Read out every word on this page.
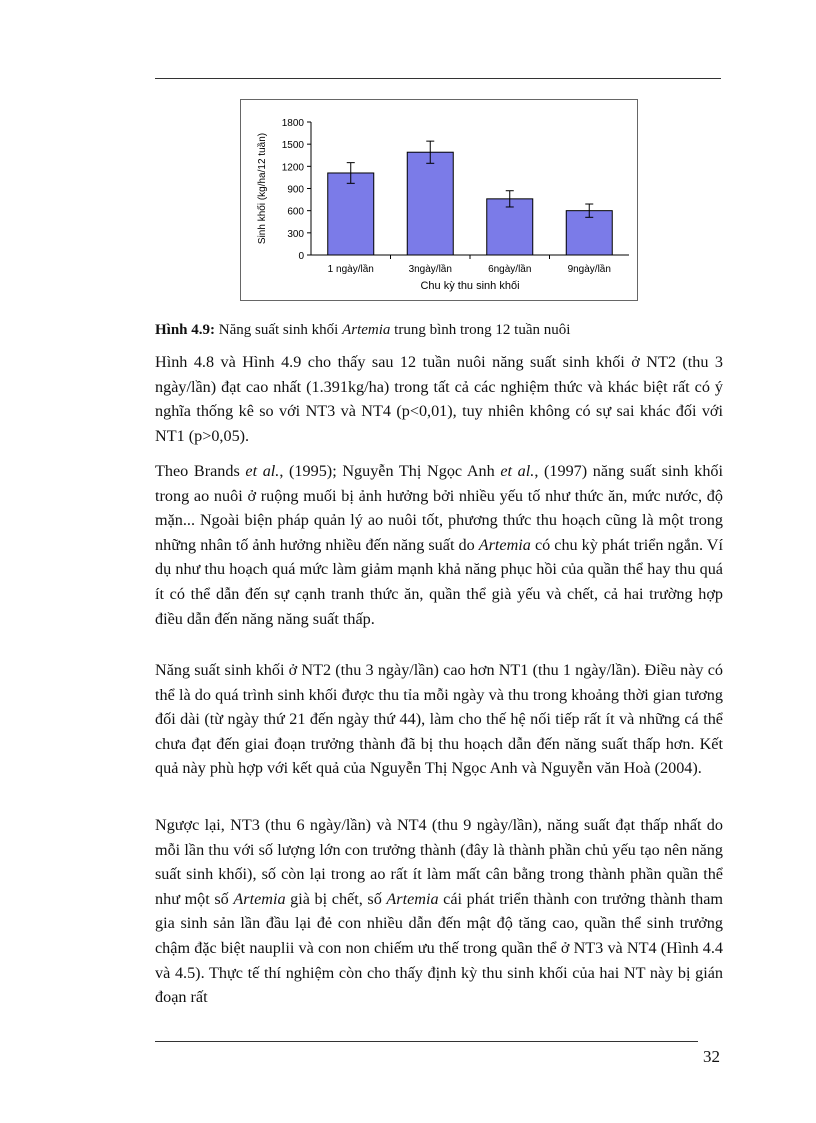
0
300
600
900
1200
1500
1800
1 ngày/lần	3ngày/lần	6ngày/lần	9ngày/lần
Chu kỳ thu sinh khối
Sinh khối (kg/ha/12 tuần)
Hình 4.9: Năng suất sinh khối Artemia trung bình trong 12 tuần nuôi

Hình 4.8 và Hình 4.9 cho thấy sau 12 tuần nuôi năng suất sinh khối ở NT2 (thu 3 ngày/lần) đạt cao nhất (1.391kg/ha) trong tất cả các nghiệm thức và khác biệt rất có ý nghĩa thống kê so với NT3 và NT4 (p<0,01), tuy nhiên không có sự sai khác đối với NT1 (p>0,05).

Theo Brands et al., (1995); Nguyễn Thị Ngọc Anh et al., (1997) năng suất sinh khối trong ao nuôi ở ruộng muối bị ảnh hưởng bởi nhiều yếu tố như thức ăn, mức nước, độ mặn... Ngoài biện pháp quản lý ao nuôi tốt, phương thức thu hoạch cũng là một trong những nhân tố ảnh hưởng nhiều đến năng suất do Artemia có chu kỳ phát triển ngắn. Ví dụ như thu hoạch quá mức làm giảm mạnh khả năng phục hồi của quần thể hay thu quá ít có thể dẫn đến sự cạnh tranh thức ăn, quần thể già yếu và chết, cả hai trường hợp điều dẫn đến năng năng suất thấp.

Năng suất sinh khối ở NT2 (thu 3 ngày/lần) cao hơn NT1 (thu 1 ngày/lần). Điều này có thể là do quá trình sinh khối được thu tỉa mỗi ngày và thu trong khoảng thời gian tương đối dài (từ ngày thứ 21 đến ngày thứ 44), làm cho thế hệ nối tiếp rất ít và những cá thể chưa đạt đến giai đoạn trưởng thành đã bị thu hoạch dẫn đến năng suất thấp hơn. Kết quả này phù hợp với kết quả của Nguyễn Thị Ngọc Anh và Nguyễn văn Hoà (2004).

Ngược lại, NT3 (thu 6 ngày/lần) và NT4 (thu 9 ngày/lần), năng suất đạt thấp nhất do mỗi lần thu với số lượng lớn con trưởng thành (đây là thành phần chủ yếu tạo nên năng suất sinh khối), số còn lại trong ao rất ít làm mất cân bằng trong thành phần quần thể như một số Artemia già bị chết, số Artemia cái phát triển thành con trưởng thành tham gia sinh sản lần đầu lại đẻ con nhiều dẫn đến mật độ tăng cao, quần thể sinh trưởng chậm đặc biệt nauplii và con non chiếm ưu thế trong quần thể ở NT3 và NT4 (Hình 4.4 và 4.5). Thực tế thí nghiệm còn cho thấy định kỳ thu sinh khối của hai NT này bị gián đoạn rất

32
